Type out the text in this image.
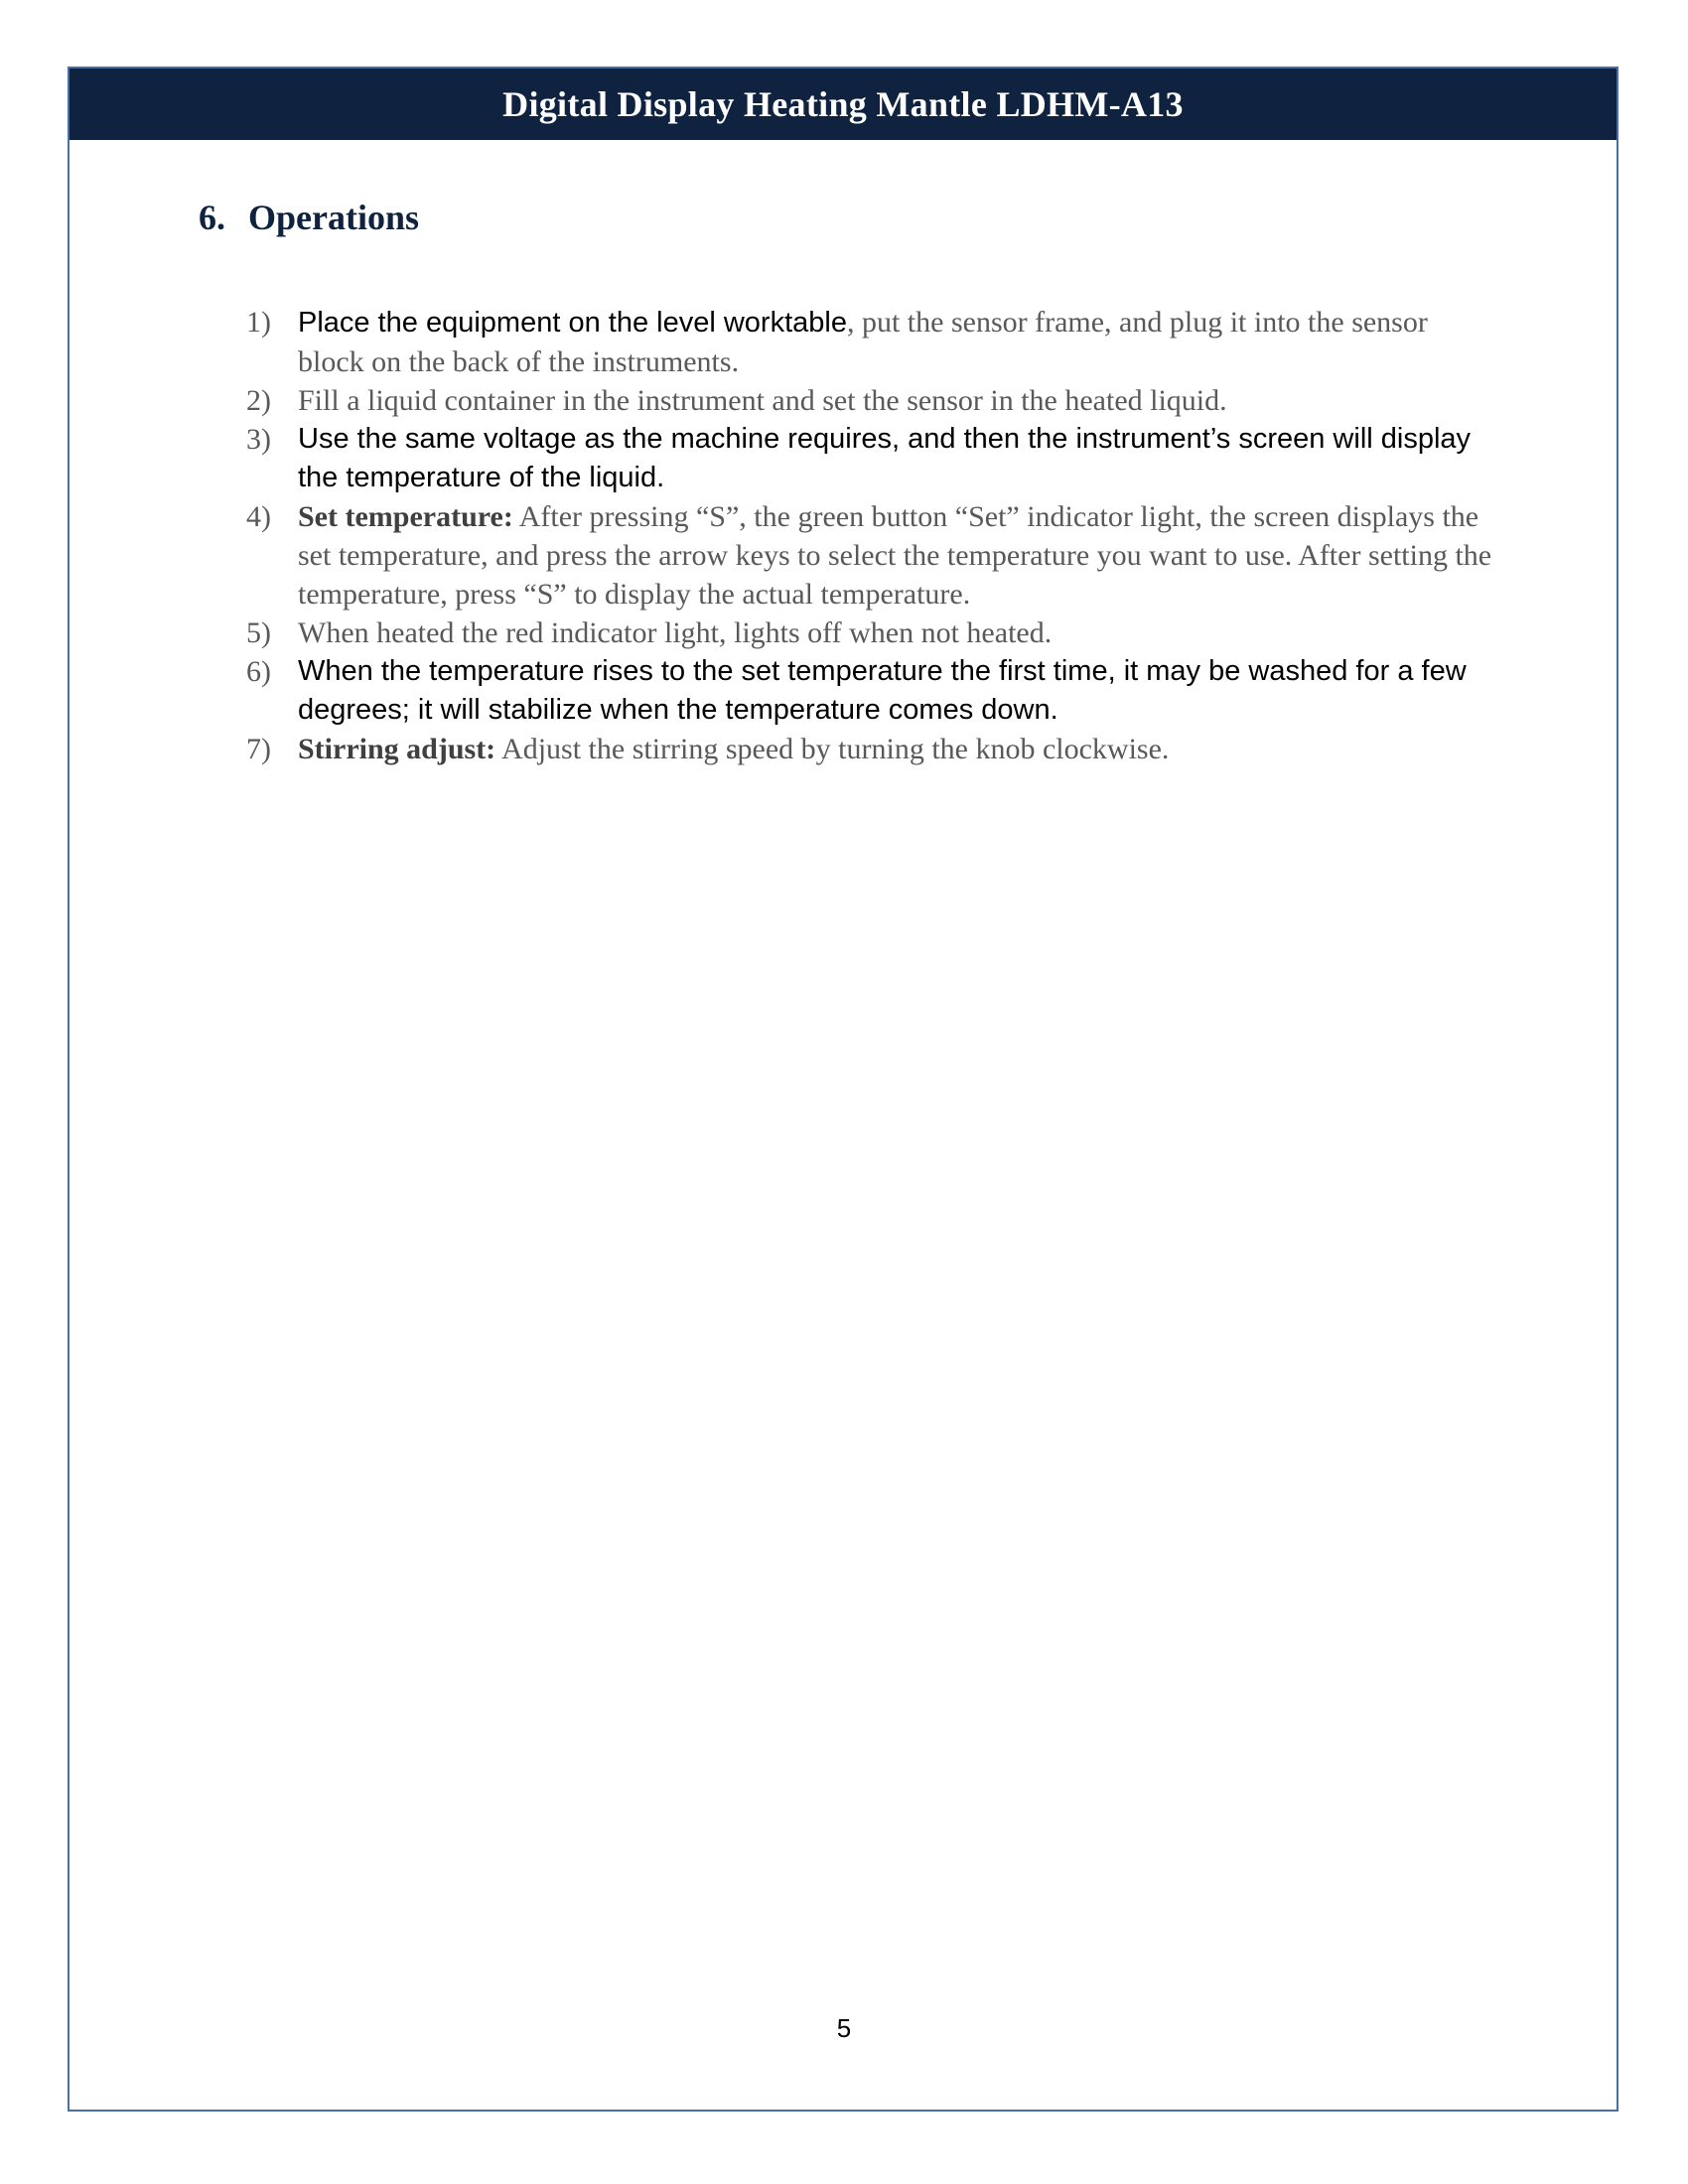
Digital Display Heating Mantle LDHM-A13
6. Operations
1) Place the equipment on the level worktable, put the sensor frame, and plug it into the sensor block on the back of the instruments.
2) Fill a liquid container in the instrument and set the sensor in the heated liquid.
3) Use the same voltage as the machine requires, and then the instrument’s screen will display the temperature of the liquid.
4) Set temperature: After pressing “S”, the green button “Set” indicator light, the screen displays the set temperature, and press the arrow keys to select the temperature you want to use. After setting the temperature, press “S” to display the actual temperature.
5) When heated the red indicator light, lights off when not heated.
6) When the temperature rises to the set temperature the first time, it may be washed for a few degrees; it will stabilize when the temperature comes down.
7) Stirring adjust: Adjust the stirring speed by turning the knob clockwise.
5
